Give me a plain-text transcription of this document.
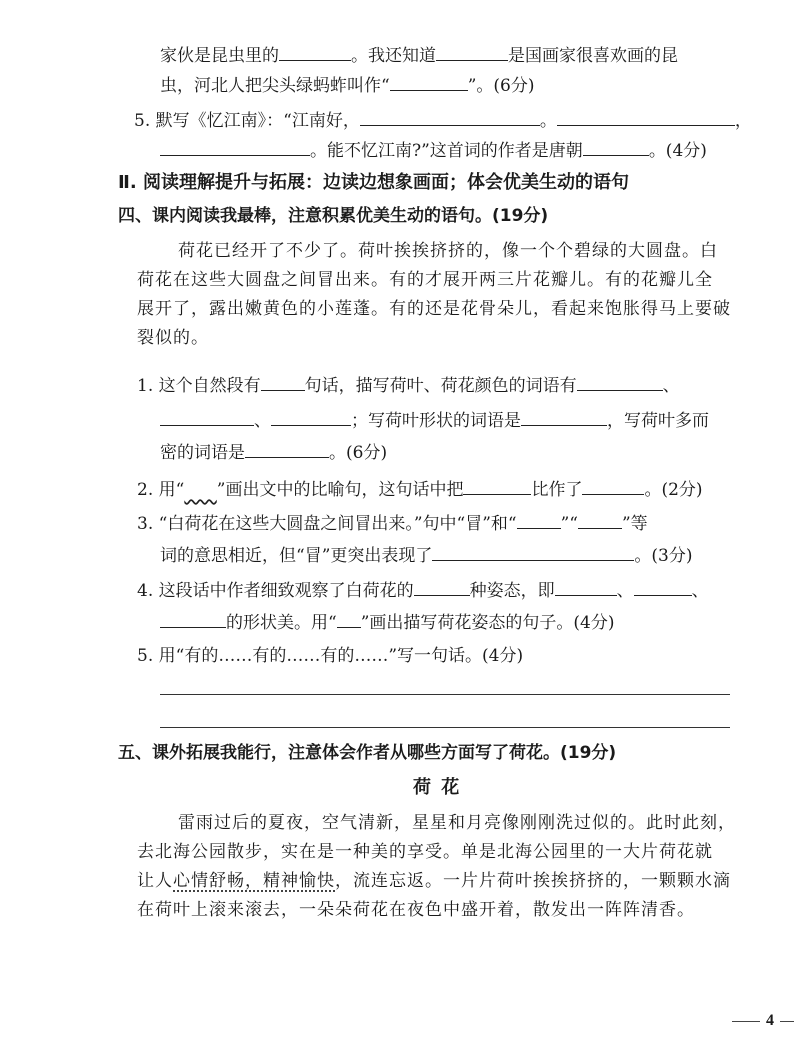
家伙是昆虫里的	。我还知道	是国画家很喜欢画的昆
虫，河北人把尖头绿蚂蚱叫作“	”。(6分)
5. 默写《忆江南》：“江南好，	。	，
。能不忆江南?”这首词的作者是唐朝	。(4分)
Ⅱ. 阅读理解提升与拓展：边读边想象画面；体会优美生动的语句
四、课内阅读我最棒，注意积累优美生动的语句。(19分)
荷花已经开了不少了。荷叶挨挨挤挤的，像一个个碧绿的大圆盘。白
荷花在这些大圆盘之间冒出来。有的才展开两三片花瓣儿。有的花瓣儿全
展开了，露出嫩黄色的小莲蓬。有的还是花骨朵儿，看起来饱胀得马上要破
裂似的。
1. 这个自然段有	句话，描写荷叶、荷花颜色的词语有	、
、	；写荷叶形状的词语是	，写荷叶多而
密的词语是	。(6分)
2. 用“ ”画出文中的比喻句，这句话中把	比作了	。(2分)
3. “白荷花在这些大圆盘之间冒出来。”句中“冒”和“	”“	”等
词的意思相近，但“冒”更突出表现了	。(3分)
4. 这段话中作者细致观察了白荷花的	种姿态，即	、	、
的形状美。用“ ”画出描写荷花姿态的句子。(4分)
5. 用“有的……有的……有的……”写一句话。(4分)
五、课外拓展我能行，注意体会作者从哪些方面写了荷花。(19分)
荷 花
雷雨过后的夏夜，空气清新，星星和月亮像刚刚洗过似的。此时此刻，
去北海公园散步，实在是一种美的享受。单是北海公园里的一大片荷花就
让人心情舒畅，精神愉快，流连忘返。一片片荷叶挨挨挤挤的，一颗颗水滴
在荷叶上滚来滚去，一朵朵荷花在夜色中盛开着，散发出一阵阵清香。
4
